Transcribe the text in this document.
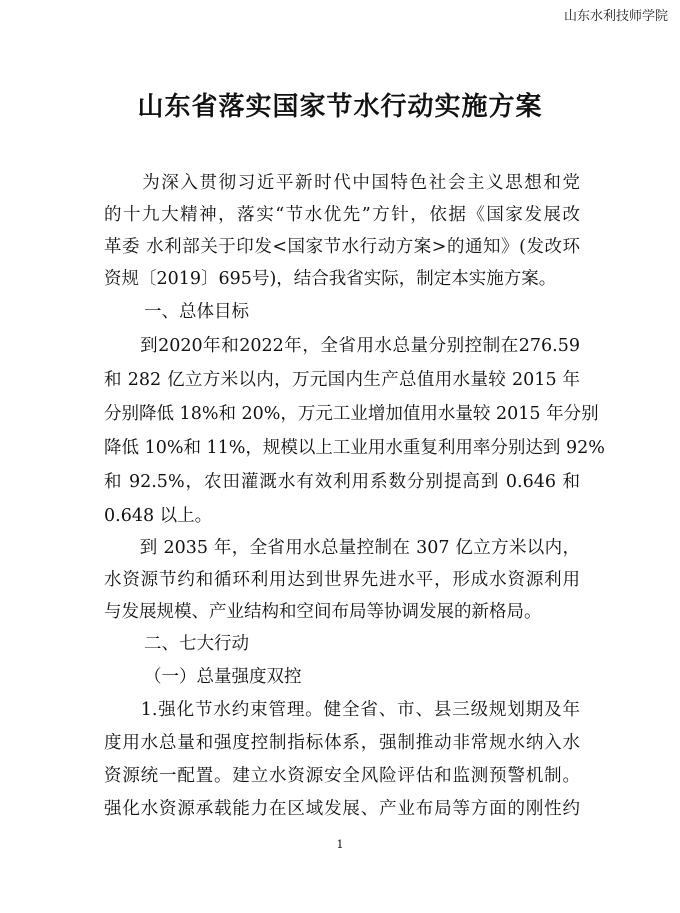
山东水利技师学院
山东省落实国家节水行动实施方案
　　为深入贯彻习近平新时代中国特色社会主义思想和党
的十九大精神，落实“节水优先”方针，依据《国家发展改
革委 水利部关于印发<国家节水行动方案>的通知》(发改环
资规〔2019〕695号)，结合我省实际，制定本实施方案。
一、总体目标
　　到2020年和2022年，全省用水总量分别控制在276.59
和 282 亿立方米以内，万元国内生产总值用水量较 2015 年
分别降低 18%和 20%，万元工业增加值用水量较 2015 年分别
降低 10%和 11%，规模以上工业用水重复利用率分别达到 92%
和 92.5%，农田灌溉水有效利用系数分别提高到 0.646 和
0.648 以上。
　　到 2035 年，全省用水总量控制在 307 亿立方米以内，
水资源节约和循环利用达到世界先进水平，形成水资源利用
与发展规模、产业结构和空间布局等协调发展的新格局。
二、七大行动
（一）总量强度双控
　　1.强化节水约束管理。健全省、市、县三级规划期及年
度用水总量和强度控制指标体系，强制推动非常规水纳入水
资源统一配置。建立水资源安全风险评估和监测预警机制。
强化水资源承载能力在区域发展、产业布局等方面的刚性约
1
